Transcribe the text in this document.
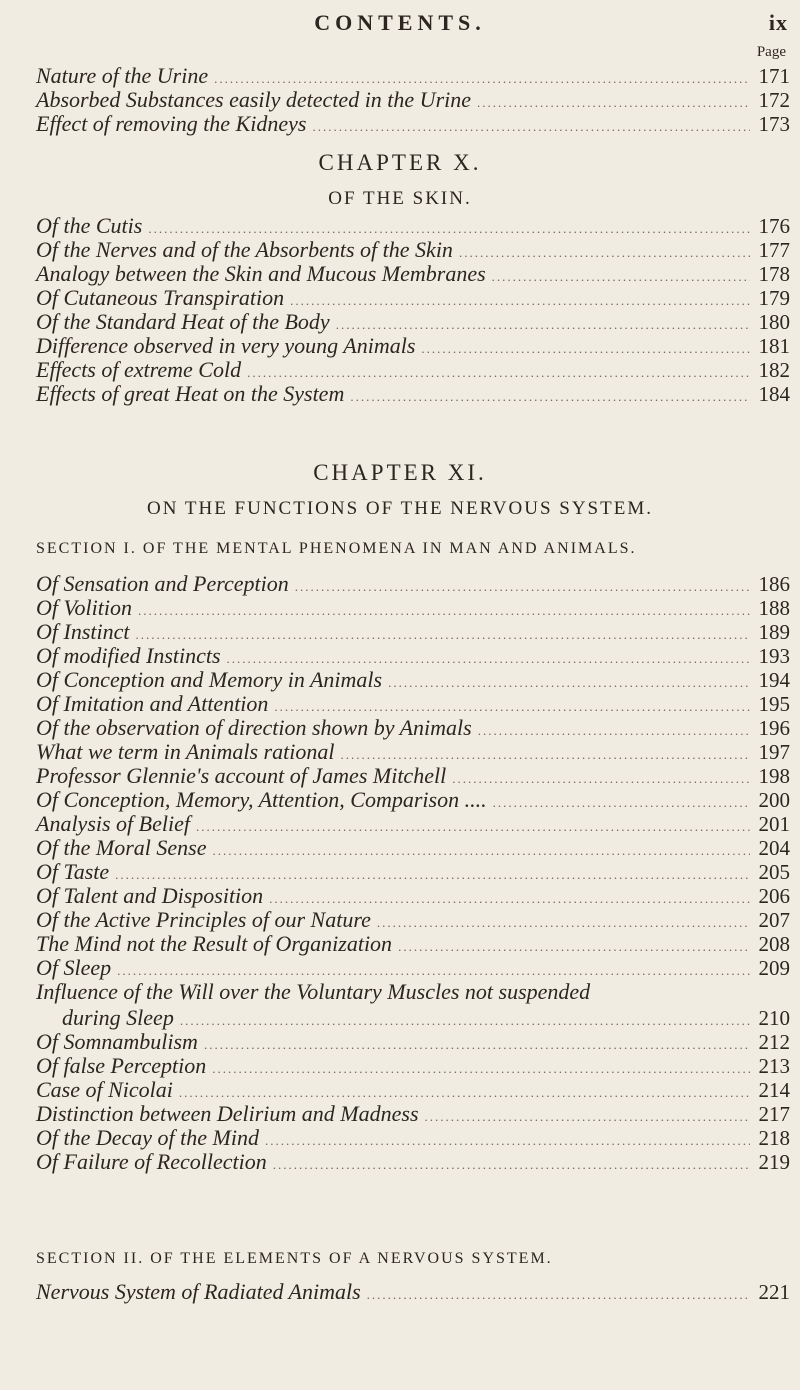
CONTENTS.	ix
Page
Nature of the Urine .....	171
Absorbed Substances easily detected in the Urine .....	172
Effect of removing the Kidneys .....	173
CHAPTER X.
OF THE SKIN.
Of the Cutis .....	176
Of the Nerves and of the Absorbents of the Skin .....	177
Analogy between the Skin and Mucous Membranes .....	178
Of Cutaneous Transpiration .....	179
Of the Standard Heat of the Body .....	180
Difference observed in very young Animals .....	181
Effects of extreme Cold .....	182
Effects of great Heat on the System .....	184
CHAPTER XI.
ON THE FUNCTIONS OF THE NERVOUS SYSTEM.
SECTION I. OF THE MENTAL PHENOMENA IN MAN AND ANIMALS.
Of Sensation and Perception .....	186
Of Volition .....	188
Of Instinct .....	189
Of modified Instincts .....	193
Of Conception and Memory in Animals .....	194
Of Imitation and Attention .....	195
Of the observation of direction shown by Animals .....	196
What we term in Animals rational .....	197
Professor Glennie's account of James Mitchell .....	198
Of Conception, Memory, Attention, Comparison .... .....	200
Analysis of Belief .....	201
Of the Moral Sense .....	204
Of Taste .....	205
Of Talent and Disposition .....	206
Of the Active Principles of our Nature .....	207
The Mind not the Result of Organization .....	208
Of Sleep .....	209
Influence of the Will over the Voluntary Muscles not suspended
during Sleep .....	210
Of Somnambulism .....	212
Of false Perception .....	213
Case of Nicolai .....	214
Distinction between Delirium and Madness .....	217
Of the Decay of the Mind .....	218
Of Failure of Recollection .....	219
SECTION II. OF THE ELEMENTS OF A NERVOUS SYSTEM.
Nervous System of Radiated Animals .....	221
